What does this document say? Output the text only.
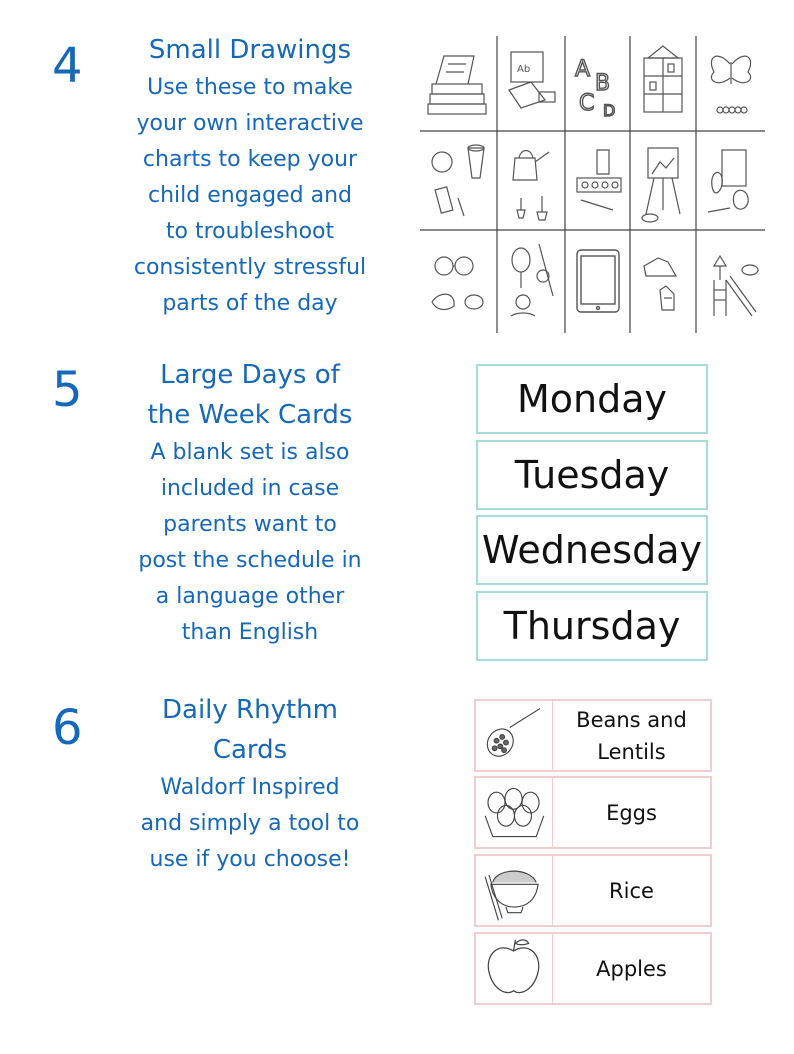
4	Small Drawings
Use these to make
your own interactive
charts to keep your
child engaged and
to troubleshoot
consistently stressful
parts of the day
Ab A
B
C D
5	Large Days of
the Week Cards
A blank set is also
included in case
parents want to
post the schedule in
a language other
than English
Monday
Tuesday
Wednesday
Thursday
6	Daily Rhythm
Cards
Waldorf Inspired
and simply a tool to
use if you choose!
Beans and
Lentils
Eggs
Rice
Apples
